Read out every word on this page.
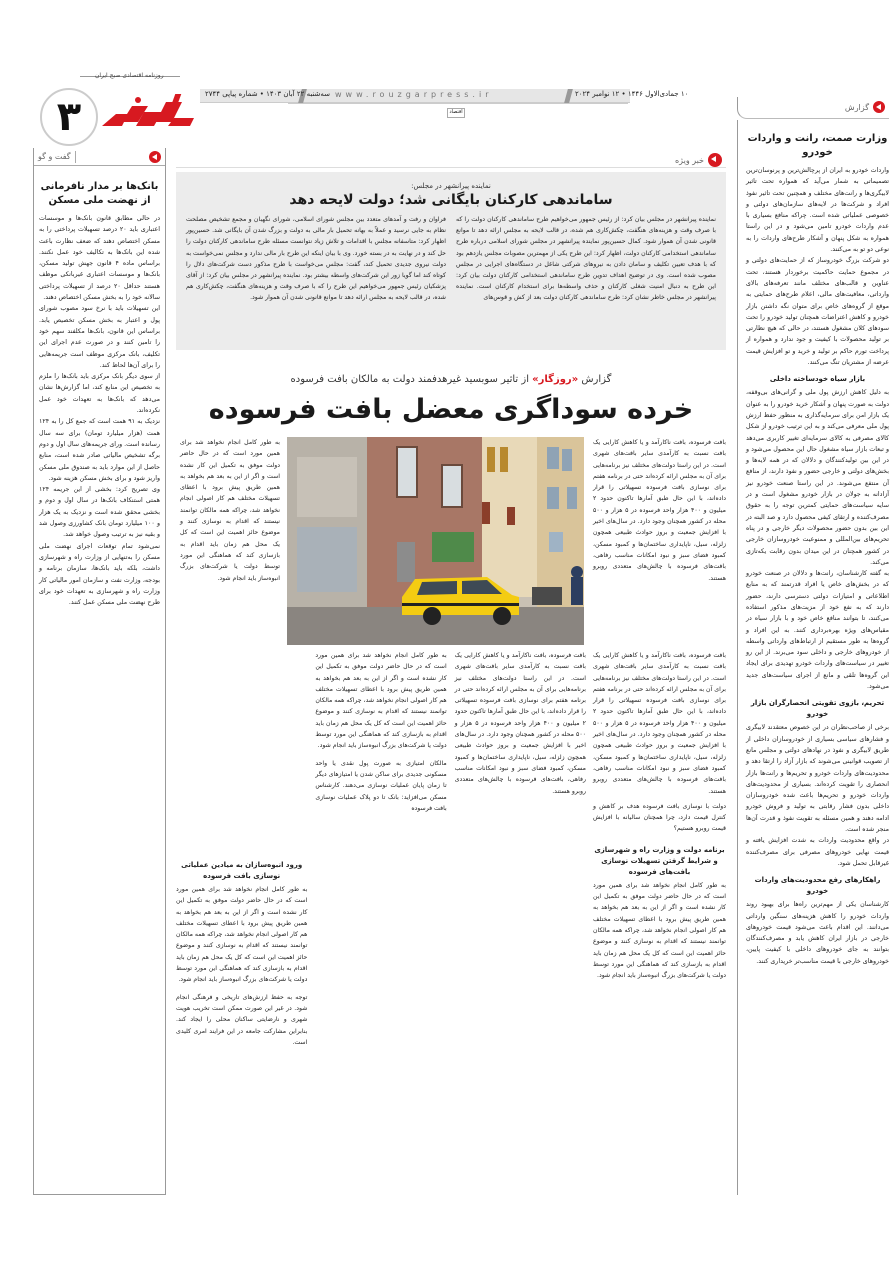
روزنامه اقتصادی صبح ایران
۳	سه‌شنبه ۲۲ آبان ۱۴۰۳ • شماره پیاپی ۲۷۴۴ www.rouzgarpress.ir	۱۰ جمادی‌الاول ۱۴۴۶ • ۱۲ نوامبر ۲۰۲۴
اقتصاد
گزارش
وزارت صمت، رانت و واردات خودرو
واردات خودرو به ایران از پرچالش‌ترین و پرنوسان‌ترین تصمیماتی به شمار می‌آید که همواره تحت تاثیر لابیگری‌ها و رانت‌های مختلف و همچنین تحت تاثیر نفوذ افراد و شرکت‌ها در لایه‌های سازمان‌های دولتی و خصوصی عملیاتی شده است. چراکه منافع بسیاری با عدم واردات خودرو تامین می‌شود و در این راستا همواره به شکل پنهان و آشکار طرح‌های واردات را به نوعی دو تو به می‌کنند.
دو شرکت بزرگ خودروساز که از حمایت‌های دولتی و در مجموع حمایت حاکمیت برخوردار هستند، تحت عناوین و قالب‌های مختلف مانند تعرفه‌های بالای وارداتی، معافیت‌های مالی، اعلام طرح‌های حمایتی به موقع از گروه‌های خاص برای متوان نگه داشتن بازار خودرو و کاهش اعتراضات همچنان تولید خودرو را تحت سودهای کلان مشغول هستند، در حالی که هیچ نظارتی بر تولید محصولات با کیفیت و جود ندارد و همواره از پرداخت تورم حاکم بر تولید و خرید و تو افزایش قیمت عرضه از مشتریان تنگ می‌کنند.
بازار سیاه خودساخته داخلی
به دلیل کاهش ارزش پول ملی و گرانی‌های بی‌وقفه، دولت به صورت پنهان و آشکار خرید خودرو را به عنوان یک بازار امن برای سرمایه‌گذاری به منظور حفظ ارزش پول ملی معرفی می‌کند و به این ترتیب خودرو از شکل کالای مصرفی به کالای سرمایه‌ای تغییر کاربری می‌دهد و تبعات بازار سیاه مشغول حال این محصول می‌شود و در این بین تولیدکنندگان و دلالان که در همه لایه‌ها و بخش‌های دولتی و خارجی حضور و نفوذ دارند، از منافع آن منتفع می‌شوند. در این راستا صنعت خودرو نیز آزادانه به جولان در بازار خودرو مشغول است و در سایه سیاست‌های حمایتی کمترین توجه را به حقوق مصرف‌کننده و ارتقای کیفی محصول دارد و صد البته در این بین بدون حضور محصولات دیگر خارجی و در پناه تحریم‌های بین‌المللی و ممنوعیت خودروسازان خارجی در کشور همچنان در این میدان بدون رقابت یکه‌تازی می‌کند.
به گفته کارشناسان، رانت‌ها و دلالان در صنعت خودرو که در بخش‌های خاص یا افراد قدرتمند که به منابع اطلاعاتی و امتیازات دولتی دسترسی دارند، حضور دارند که به نفع خود از مزیت‌های مذکور استفاده می‌کنند، تا بتوانند منافع خاص خود و با بازار سیاه در مقیاس‌های ویژه بهره‌برداری کنند. به این افراد و گروه‌ها به طور مستقیم از ارتباط‌های وارداتی واسطه از خودروهای خارجی و داخلی سود می‌برند. از این رو تغییر در سیاست‌های واردات خودرو تهدیدی برای ایجاد این گروه‌ها تلقی و مانع از اجرای سیاست‌های جدید می‌شود.
تحریم، بازوی تقویتی انحصارگران بازار خودرو
برخی از صاحب‌نظران در این خصوص معتقدند لابیگری و فشارهای سیاسی بسیاری از خودروسازان داخلی از طریق لابیگری و نفوذ در نهادهای دولتی و مجلس مانع از تصویب قوانینی می‌شوند که بازار آزاد را ارتقا دهد و محدودیت‌های واردات خودرو و تحریم‌ها و رانت‌ها بازار انحصاری را تقویت کرده‌اند. بسیاری از محدودیت‌های واردات خودرو و تحریم‌ها باعث شده خودروسازان داخلی بدون فشار رقابتی به تولید و فروش خودرو ادامه دهند و همین مسئله به تقویت نفوذ و قدرت آن‌ها منجر شده است.
در واقع محدودیت واردات به شدت افزایش یافته و قیمت نهایی خودروهای مصرفی برای مصرف‌کننده غیرقابل تحمل شود.
راهکارهای رفع محدودیت‌های واردات خودرو
کارشناسان یکی از مهم‌ترین راه‌ها برای بهبود روند واردات خودرو را کاهش هزینه‌های سنگین وارداتی می‌دانند. این اقدام باعث می‌شود قیمت خودروهای خارجی در بازار ایران کاهش یابد و مصرف‌کنندگان بتوانند به جای خودروهای داخلی با کیفیت پایین، خودروهای خارجی با قیمت مناسب‌تر خریداری کنند.
گفت و گو
بانک‌ها بر مدار نافرمانی از نهضت ملی مسکن
در حالی مطابق قانون بانک‌ها و موسسات اعتباری باید ۲۰ درصد تسهیلات پرداختی را به مسکن اختصاص دهند که ضعف نظارت باعث شده این بانک‌ها به تکالیف خود عمل نکنند. براساس ماده ۴ قانون جهش تولید مسکن، بانک‌ها و موسسات اعتباری غیربانکی موظف هستند حداقل ۲۰ درصد از تسهیلات پرداختی سالانه خود را به بخش مسکن اختصاص دهند.
این تسهیلات باید با نرخ سود مصوب شورای پول و اعتبار به بخش مسکن تخصیص یابد. براساس این قانون، بانک‌ها مکلفند سهم خود را تامین کنند و در صورت عدم اجرای این تکلیف، بانک مرکزی موظف است جریمه‌هایی را برای آن‌ها لحاظ کند.
از سوی دیگر بانک مرکزی باید بانک‌ها را ملزم به تخصیص این منابع کند، اما گزارش‌ها نشان می‌دهد که بانک‌ها به تعهدات خود عمل نکرده‌اند.
نزدیک به ۹۱ همت است که جمع کل را به ۱۲۴ همت (هزار میلیارد تومان) برای سه سال رسانده است. ورای جریمه‌های سال اول و دوم برگه تشخیص مالیاتی صادر شده است، منابع حاصل از این موارد باید به صندوق ملی مسکن واریز شود و برای بخش مسکن هزینه شود.
وی تصریح کرد: بخشی از این جریمه ۱۲۴ همتی استنکاف بانک‌ها در سال اول و دوم و بخشی محقق شده است و نزدیک به یک هزار و ۱۰۰ میلیارد تومان بانک کشاورزی وصول شد و بقیه نیز به ترتیب وصول خواهد شد.
نمی‌شود تمام توقعات اجرای نهضت ملی مسکن را به‌تنهایی از وزارت راه و شهرسازی داشت، بلکه باید بانک‌ها، سازمان برنامه و بودجه، وزارت نفت و سازمان امور مالیاتی کار وزارت راه و شهرسازی به تعهدات خود برای طرح نهضت ملی مسکن عمل کنند.
خبر ویژه
نماینده پیرانشهر در مجلس:
ساماندهی کارکنان بایگانی شد؛ دولت لایحه دهد
نماینده پیرانشهر در مجلس بیان کرد: از رئیس جمهور می‌خواهیم طرح ساماندهی کارکنان دولت را که با صرف وقت و هزینه‌های هنگفت، چکش‌کاری هم شده، در قالب لایحه به مجلس ارائه دهد تا موانع قانونی شدن آن هموار شود. کمال حسین‌پور نماینده پیرانشهر در مجلس شورای اسلامی درباره طرح ساماندهی استخدامی کارکنان دولت، اظهار کرد: این طرح یکی از مهمترین مصوبات مجلس یازدهم بود که با هدف تعیین تکلیف و سامان دادن به نیروهای شرکتی شاغل در دستگاه‌های اجرایی در مجلس مصوب شده است. وی در توضیح اهداف تدوین طرح ساماندهی استخدامی کارکنان دولت بیان کرد: این طرح به دنبال امنیت شغلی کارکنان و حذف واسطه‌ها برای استخدام کارکنان است. نماینده پیرانشهر در مجلس خاطر نشان کرد: طرح ساماندهی کارکنان دولت بعد از کش و قوس‌های
فراوان و رفت و آمدهای متعدد بین مجلس شورای اسلامی، شورای نگهبان و مجمع تشخیص مصلحت نظام به جایی نرسید و عملاً به بهانه تحمیل بار مالی به دولت و بزرگ شدن آن بایگانی شد. حسین‌پور اظهار کرد: متاسفانه مجلس با اقدامات و تلاش زیاد نتوانست مسئله طرح ساماندهی کارکنان دولت را حل کند و در نهایت به در بسته خورد. وی با بیان اینکه این طرح بار مالی ندارد و مجلس نمی‌خواست به دولت نیروی جدیدی تحمیل کند، گفت: مجلس می‌خواست با طرح مذکور دست شرکت‌های دلال را کوتاه کند اما گویا زور این شرکت‌های واسطه بیشتر بود. نماینده پیرانشهر در مجلس بیان کرد: از آقای پزشکیان رئیس جمهور می‌خواهیم این طرح را که با صرف وقت و هزینه‌های هنگفت، چکش‌کاری هم شده، در قالب لایحه به مجلس ارائه دهد تا موانع قانونی شدن آن هموار شود.
گزارش «روزگار» از تاثیر سوبسید غیرهدفمند دولت به مالکان بافت فرسوده
خرده سوداگری معضل بافت فرسوده
بافت فرسوده، بافت ناکارآمد و یا کاهش کارایی یک بافت نسبت به کارآمدی سایر بافت‌های شهری است. در این راستا دولت‌های مختلف نیز برنامه‌هایی برای آن به مجلس ارائه کرده‌اند حتی در برنامه هفتم برای نوسازی بافت فرسوده تسهیلاتی را قرار داده‌اند، با این حال طبق آمارها تاکنون حدود ۲ میلیون و ۴۰۰ هزار واحد فرسوده در ۵ هزار و ۵۰۰ محله در کشور همچنان وجود دارد. در سال‌های اخیر با افزایش جمعیت و بروز حوادث طبیعی همچون زلزله، سیل، ناپایداری ساختمان‌ها و کمبود مسکن، کمبود فضای سبز و نبود امکانات مناسب رفاهی، بافت‌های فرسوده با چالش‌های متعددی روبرو هستند.
به طور کامل انجام نخواهد شد برای همین مورد است که در حال حاضر دولت موفق به تکمیل این کار نشده است و اگر از این به بعد هم بخواهد به همین طریق پیش برود با اعطای تسهیلات مختلف هم کار اصولی انجام نخواهد شد، چراکه همه مالکان توانمند نیستند که اقدام به نوسازی کنند و موضوع حائز اهمیت این است که کل یک محل هم زمان باید اقدام به بازسازی کند که هماهنگی این مورد توسط دولت یا شرکت‌های بزرگ انبوه‌ساز باید انجام شود.
بافت فرسوده، بافت ناکارآمد و یا کاهش کارایی یک بافت نسبت به کارآمدی سایر بافت‌های شهری است. در این راستا دولت‌های مختلف نیز برنامه‌هایی برای آن به مجلس ارائه کرده‌اند حتی در برنامه هفتم برای نوسازی بافت فرسوده تسهیلاتی را قرار داده‌اند، با این حال طبق آمارها تاکنون حدود ۲ میلیون و ۴۰۰ هزار واحد فرسوده در ۵ هزار و ۵۰۰ محله در کشور همچنان وجود دارد. در سال‌های اخیر با افزایش جمعیت و بروز حوادث طبیعی همچون زلزله، سیل، ناپایداری ساختمان‌ها و کمبود مسکن، کمبود فضای سبز و نبود امکانات مناسب رفاهی، بافت‌های فرسوده با چالش‌های متعددی روبرو هستند.
به طور کامل انجام نخواهد شد برای همین مورد است که در حال حاضر دولت موفق به تکمیل این کار نشده است و اگر از این به بعد هم بخواهد به همین طریق پیش برود با اعطای تسهیلات مختلف هم کار اصولی انجام نخواهد شد، چراکه همه مالکان توانمند نیستند که اقدام به نوسازی کنند و موضوع حائز اهمیت این است که کل یک محل هم زمان باید اقدام به بازسازی کند که هماهنگی این مورد توسط دولت یا شرکت‌های بزرگ انبوه‌ساز باید انجام شود.
مالکان امتیازی به صورت پول نقدی یا واحد مسکونی جدیدی برای ساکن شدن یا امتیازهای دیگر تا زمان پایان عملیات نوسازی می‌دهند. کارشناس مسکن می‌افزاید: بانک تا دو پلاک عملیات نوسازی بافت فرسوده
ورود انبوه‌سازان به میادین عملیاتی نوسازی بافت فرسوده
به طور کامل انجام نخواهد شد برای همین مورد است که در حال حاضر دولت موفق به تکمیل این کار نشده است و اگر از این به بعد هم بخواهد به همین طریق پیش برود با اعطای تسهیلات مختلف هم کار اصولی انجام نخواهد شد، چراکه همه مالکان توانمند نیستند که اقدام به نوسازی کنند و موضوع حائز اهمیت این است که کل یک محل هم زمان باید اقدام به بازسازی کند که هماهنگی این مورد توسط دولت یا شرکت‌های بزرگ انبوه‌ساز باید انجام شود.
توجه به حفظ ارزش‌های تاریخی و فرهنگی انجام شود. در غیر این صورت ممکن است تخریب هویت شهری و نارضایتی ساکنان محلی را ایجاد کند. بنابراین مشارکت جامعه در این فرایند امری کلیدی است.
بافت فرسوده، بافت ناکارآمد و یا کاهش کارایی یک بافت نسبت به کارآمدی سایر بافت‌های شهری است. در این راستا دولت‌های مختلف نیز برنامه‌هایی برای آن به مجلس ارائه کرده‌اند حتی در برنامه هفتم برای نوسازی بافت فرسوده تسهیلاتی را قرار داده‌اند، با این حال طبق آمارها تاکنون حدود ۲ میلیون و ۴۰۰ هزار واحد فرسوده در ۵ هزار و ۵۰۰ محله در کشور همچنان وجود دارد. در سال‌های اخیر با افزایش جمعیت و بروز حوادث طبیعی همچون زلزله، سیل، ناپایداری ساختمان‌ها و کمبود مسکن، کمبود فضای سبز و نبود امکانات مناسب رفاهی، بافت‌های فرسوده با چالش‌های متعددی روبرو هستند.
دولت با نوسازی بافت فرسوده هدف بر کاهش و کنترل قیمت دارد، چرا همچنان سالیانه با افزایش قیمت روبرو هستیم؟
برنامه دولت و وزارت راه و شهرسازی و شرایط گرفتن تسهیلات نوسازی بافت‌های فرسوده
به طور کامل انجام نخواهد شد برای همین مورد است که در حال حاضر دولت موفق به تکمیل این کار نشده است و اگر از این به بعد هم بخواهد به همین طریق پیش برود با اعطای تسهیلات مختلف هم کار اصولی انجام نخواهد شد، چراکه همه مالکان توانمند نیستند که اقدام به نوسازی کنند و موضوع حائز اهمیت این است که کل یک محل هم زمان باید اقدام به بازسازی کند که هماهنگی این مورد توسط دولت یا شرکت‌های بزرگ انبوه‌ساز باید انجام شود.
